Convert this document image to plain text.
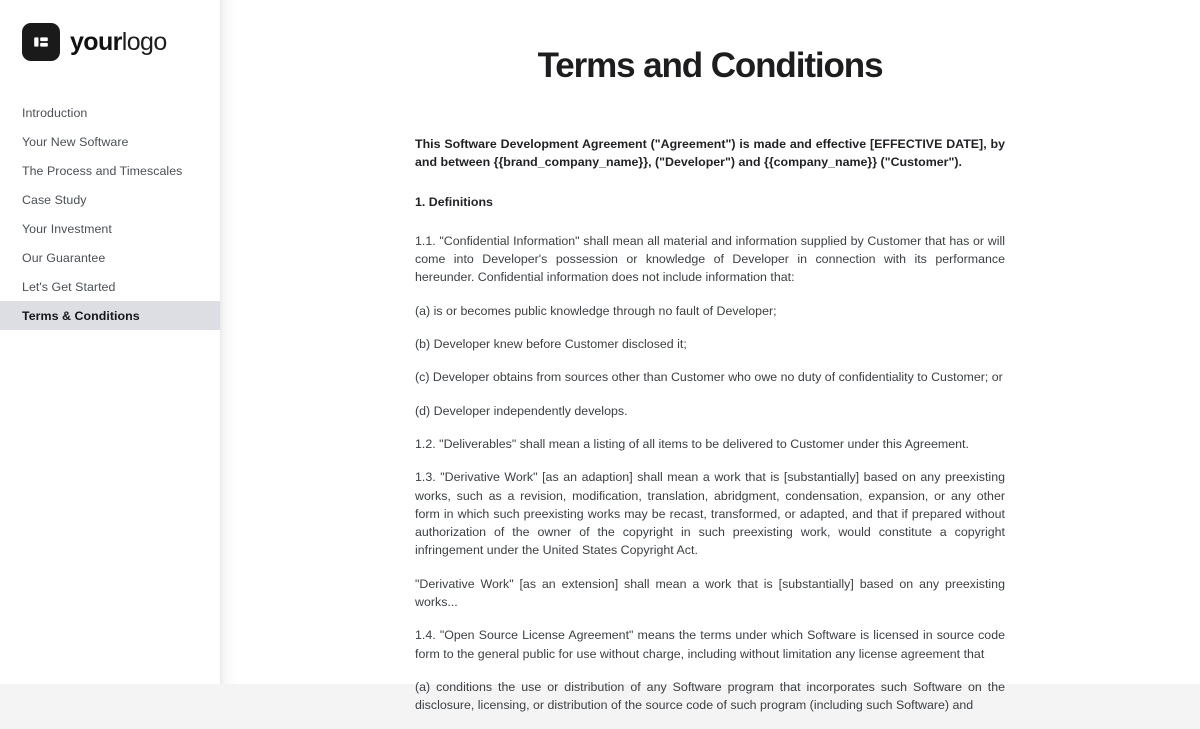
yourlogo
Introduction
Your New Software
The Process and Timescales
Case Study
Your Investment
Our Guarantee
Let's Get Started
Terms & Conditions
Terms and Conditions

This Software Development Agreement ("Agreement") is made and effective [EFFECTIVE DATE], by and between {{brand_company_name}}, ("Developer") and {{company_name}} ("Customer").

1. Definitions

1.1. "Confidential Information" shall mean all material and information supplied by Customer that has or will come into Developer's possession or knowledge of Developer in connection with its performance hereunder. Confidential information does not include information that:

(a) is or becomes public knowledge through no fault of Developer;

(b) Developer knew before Customer disclosed it;

(c) Developer obtains from sources other than Customer who owe no duty of confidentiality to Customer; or

(d) Developer independently develops.

1.2. "Deliverables" shall mean a listing of all items to be delivered to Customer under this Agreement.

1.3. "Derivative Work" [as an adaption] shall mean a work that is [substantially] based on any preexisting works, such as a revision, modification, translation, abridgment, condensation, expansion, or any other form in which such preexisting works may be recast, transformed, or adapted, and that if prepared without authorization of the owner of the copyright in such preexisting work, would constitute a copyright infringement under the United States Copyright Act.

"Derivative Work" [as an extension] shall mean a work that is [substantially] based on any preexisting works...

1.4. "Open Source License Agreement" means the terms under which Software is licensed in source code form to the general public for use without charge, including without limitation any license agreement that

(a) conditions the use or distribution of any Software program that incorporates such Software on the disclosure, licensing, or distribution of the source code of such program (including such Software) and
